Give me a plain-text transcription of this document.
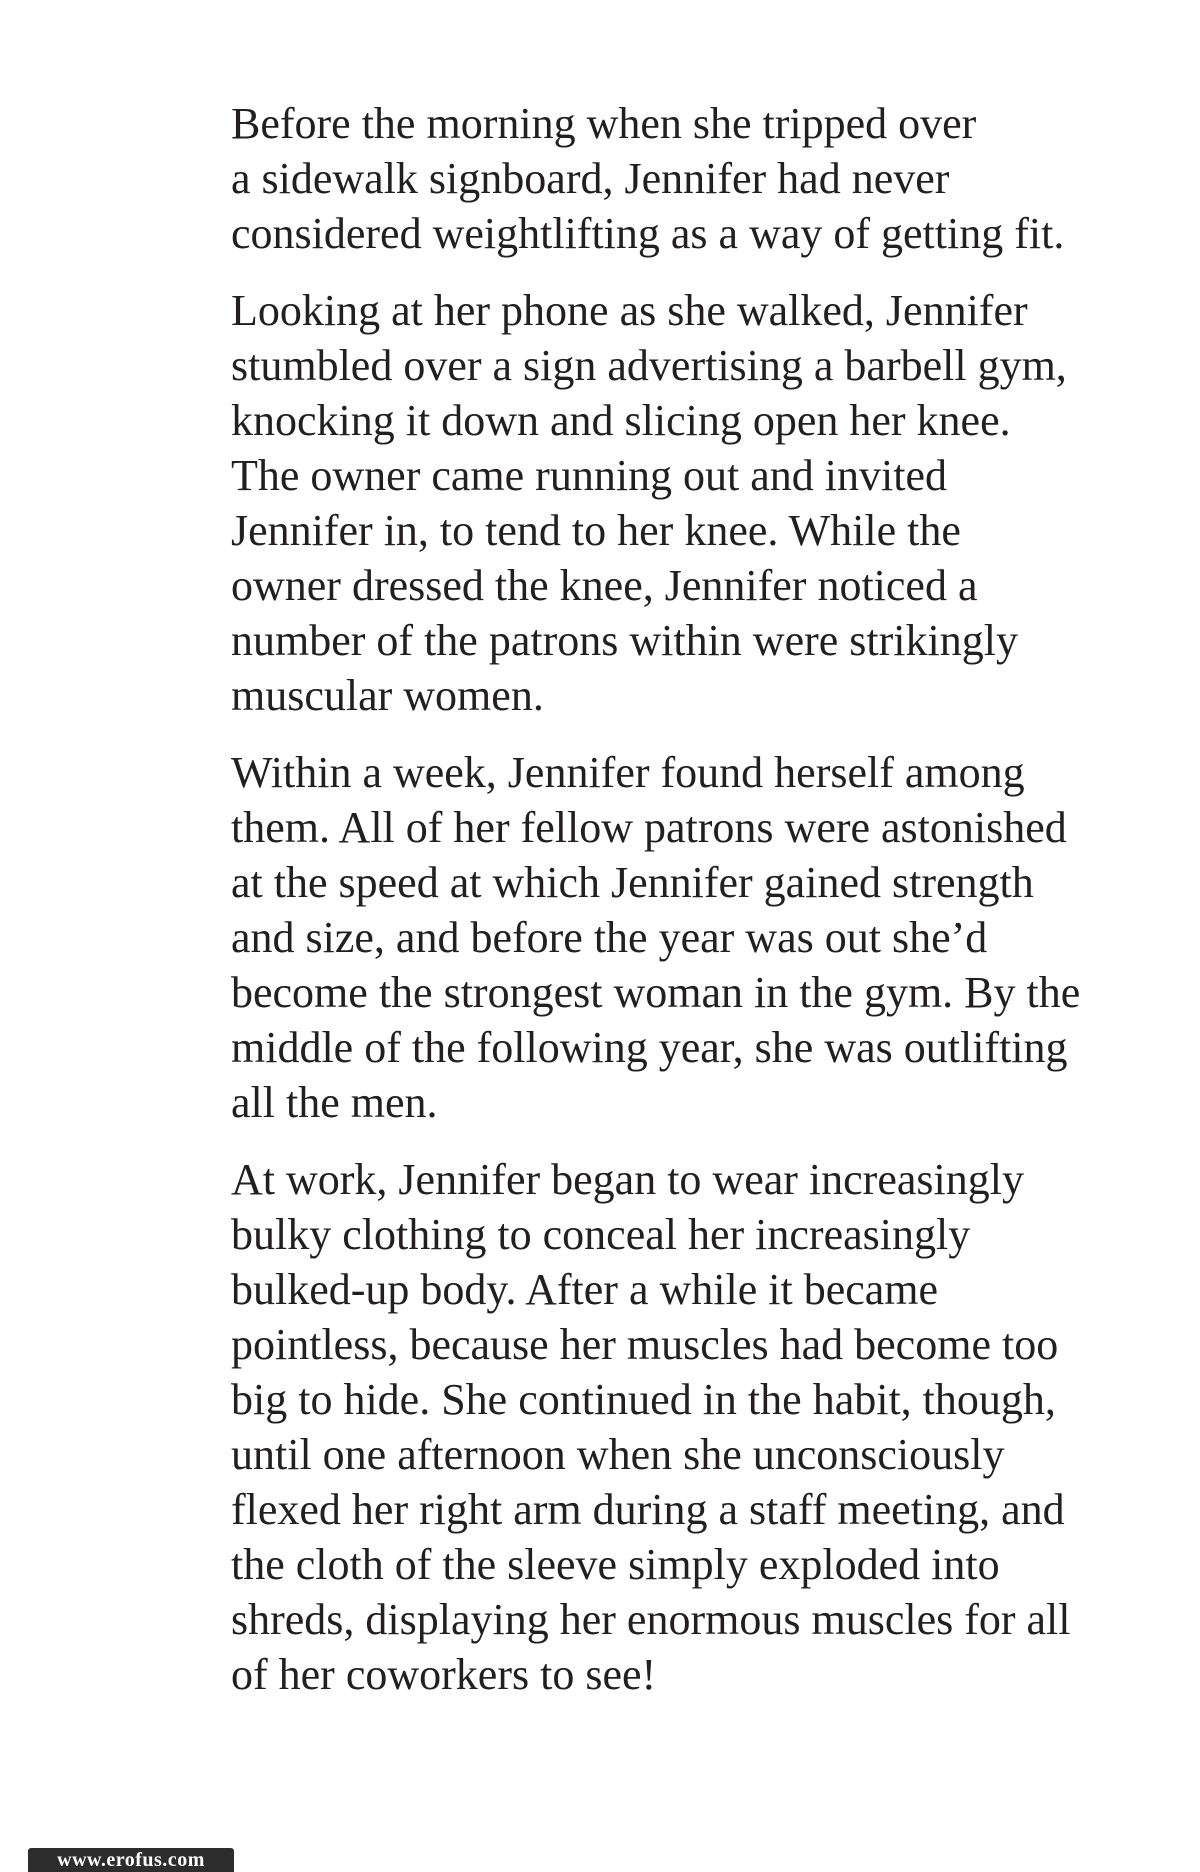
Before the morning when she tripped over
a sidewalk signboard, Jennifer had never
considered weightlifting as a way of getting fit.

Looking at her phone as she walked, Jennifer
stumbled over a sign advertising a barbell gym,
knocking it down and slicing open her knee.
The owner came running out and invited
Jennifer in, to tend to her knee. While the
owner dressed the knee, Jennifer noticed a
number of the patrons within were strikingly
muscular women.

Within a week, Jennifer found herself among
them. All of her fellow patrons were astonished
at the speed at which Jennifer gained strength
and size, and before the year was out she’d
become the strongest woman in the gym. By the
middle of the following year, she was outlifting
all the men.

At work, Jennifer began to wear increasingly
bulky clothing to conceal her increasingly
bulked-up body. After a while it became
pointless, because her muscles had become too
big to hide. She continued in the habit, though,
until one afternoon when she unconsciously
flexed her right arm during a staff meeting, and
the cloth of the sleeve simply exploded into
shreds, displaying her enormous muscles for all
of her coworkers to see!

www.erofus.com
